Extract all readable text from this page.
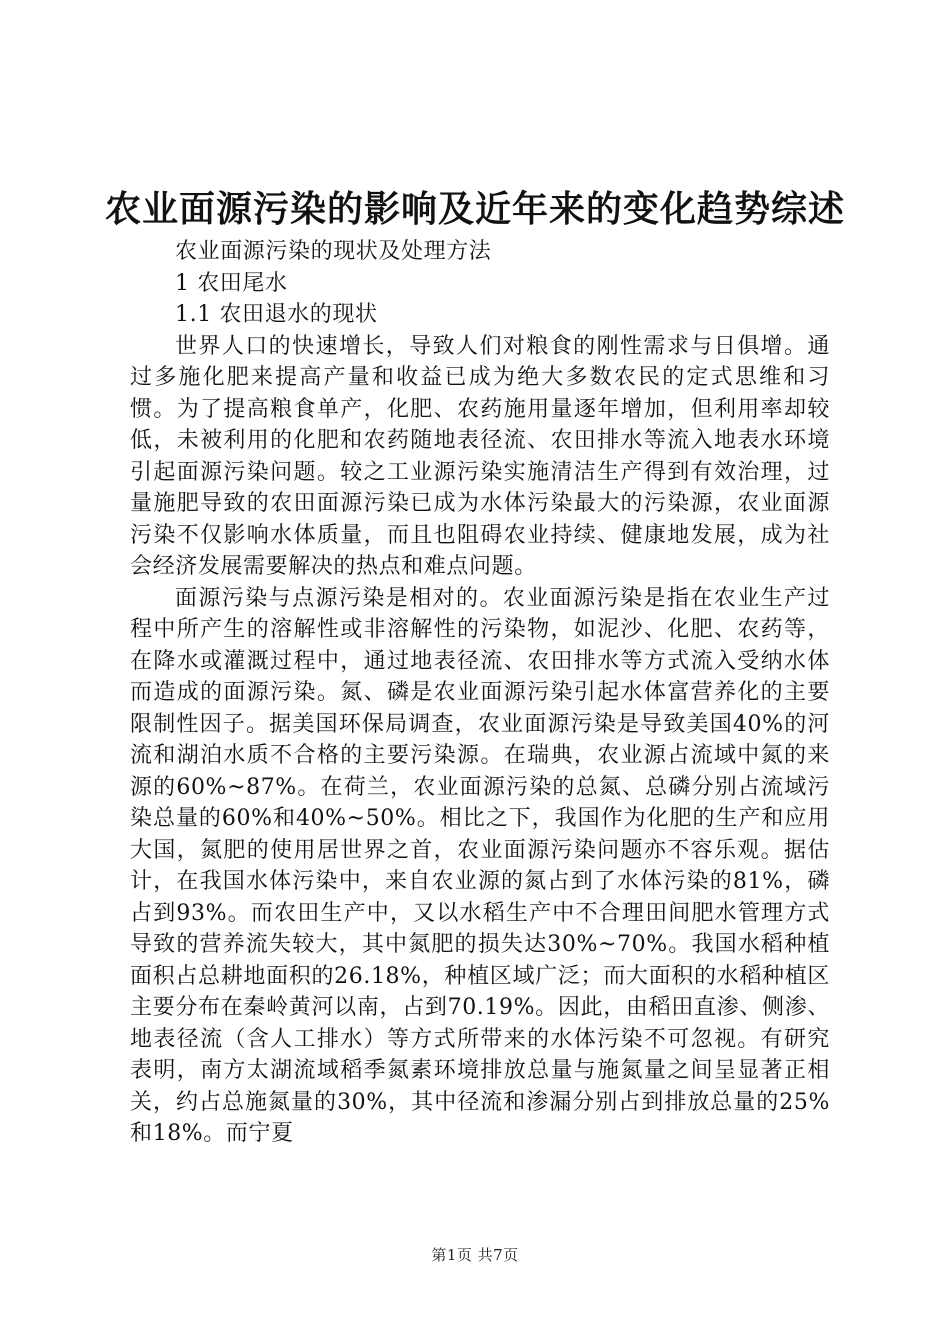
农业面源污染的影响及近年来的变化趋势综述

农业面源污染的现状及处理方法

1 农田尾水

1.1 农田退水的现状

世界人口的快速增长，导致人们对粮食的刚性需求与日俱增。通过多施化肥来提高产量和收益已成为绝大多数农民的定式思维和习惯。为了提高粮食单产，化肥、农药施用量逐年增加，但利用率却较低，未被利用的化肥和农药随地表径流、农田排水等流入地表水环境引起面源污染问题。较之工业源污染实施清洁生产得到有效治理，过量施肥导致的农田面源污染已成为水体污染最大的污染源，农业面源污染不仅影响水体质量，而且也阻碍农业持续、健康地发展，成为社会经济发展需要解决的热点和难点问题。

面源污染与点源污染是相对的。农业面源污染是指在农业生产过程中所产生的溶解性或非溶解性的污染物，如泥沙、化肥、农药等，在降水或灌溉过程中，通过地表径流、农田排水等方式流入受纳水体而造成的面源污染。氮、磷是农业面源污染引起水体富营养化的主要限制性因子。据美国环保局调查，农业面源污染是导致美国40%的河流和湖泊水质不合格的主要污染源。在瑞典，农业源占流域中氮的来源的60%~87%。在荷兰，农业面源污染的总氮、总磷分别占流域污染总量的60%和40%~50%。相比之下，我国作为化肥的生产和应用大国，氮肥的使用居世界之首，农业面源污染问题亦不容乐观。据估计，在我国水体污染中，来自农业源的氮占到了水体污染的81%，磷占到93%。而农田生产中，又以水稻生产中不合理田间肥水管理方式导致的营养流失较大，其中氮肥的损失达30%~70%。我国水稻种植面积占总耕地面积的26.18%，种植区域广泛；而大面积的水稻种植区主要分布在秦岭黄河以南，占到70.19%。因此，由稻田直渗、侧渗、地表径流（含人工排水）等方式所带来的水体污染不可忽视。有研究表明，南方太湖流域稻季氮素环境排放总量与施氮量之间呈显著正相关，约占总施氮量的30%，其中径流和渗漏分别占到排放总量的25%和18%。而宁夏

第1页 共7页
